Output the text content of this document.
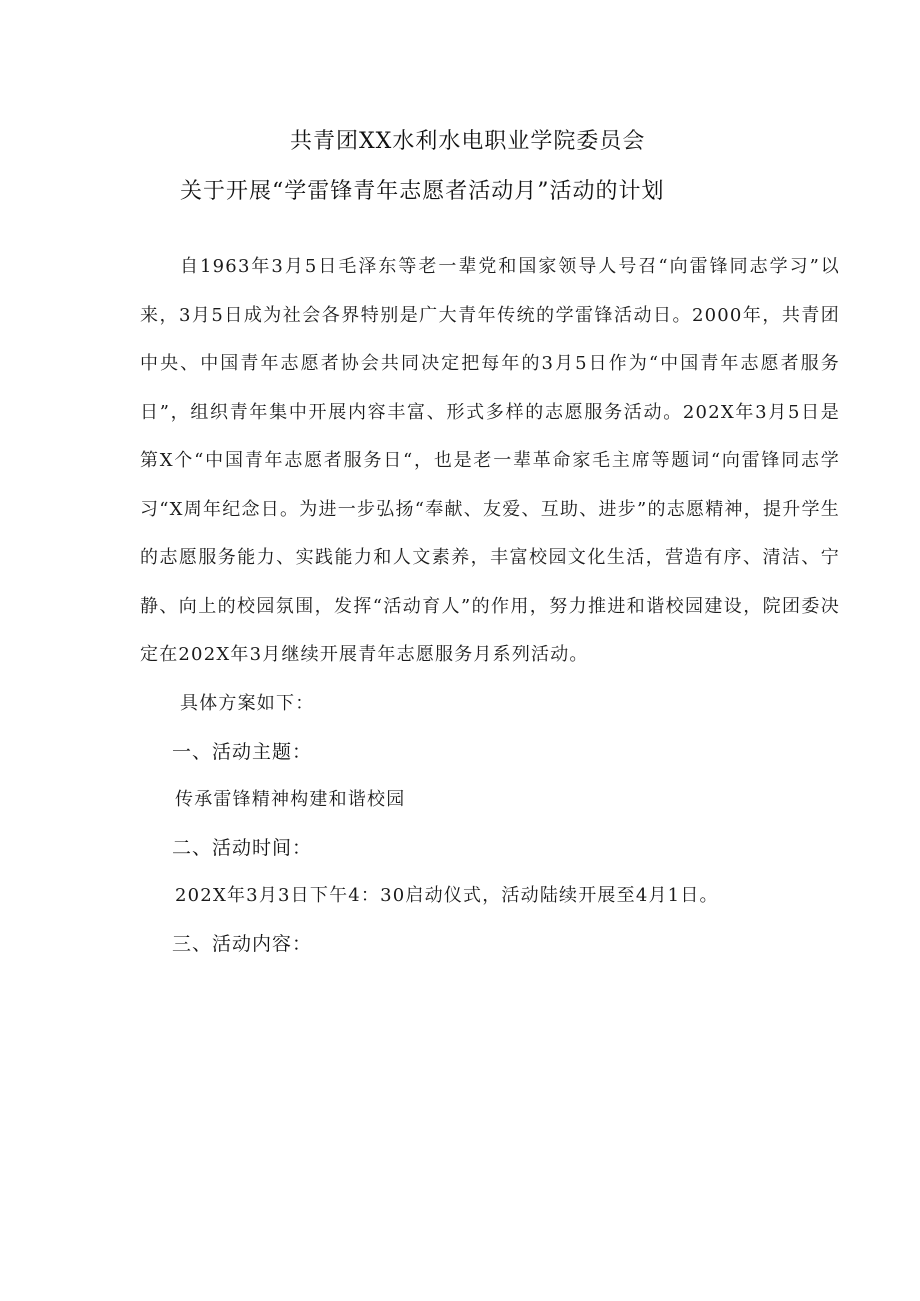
共青团XX水利水电职业学院委员会
关于开展“学雷锋青年志愿者活动月”活动的计划

自1963年3月5日毛泽东等老一辈党和国家领导人号召“向雷锋同志学习”以来，3月5日成为社会各界特别是广大青年传统的学雷锋活动日。2000年，共青团中央、中国青年志愿者协会共同决定把每年的3月5日作为“中国青年志愿者服务日”，组织青年集中开展内容丰富、形式多样的志愿服务活动。202X年3月5日是第X个“中国青年志愿者服务日“，也是老一辈革命家毛主席等题词“向雷锋同志学习“X周年纪念日。为进一步弘扬“奉献、友爱、互助、进步”的志愿精神，提升学生的志愿服务能力、实践能力和人文素养，丰富校园文化生活，营造有序、清洁、宁静、向上的校园氛围，发挥“活动育人”的作用，努力推进和谐校园建设，院团委决定在202X年3月继续开展青年志愿服务月系列活动。

具体方案如下：
一、活动主题：
传承雷锋精神构建和谐校园
二、活动时间：
202X年3月3日下午4：30启动仪式，活动陆续开展至4月1日。
三、活动内容：
